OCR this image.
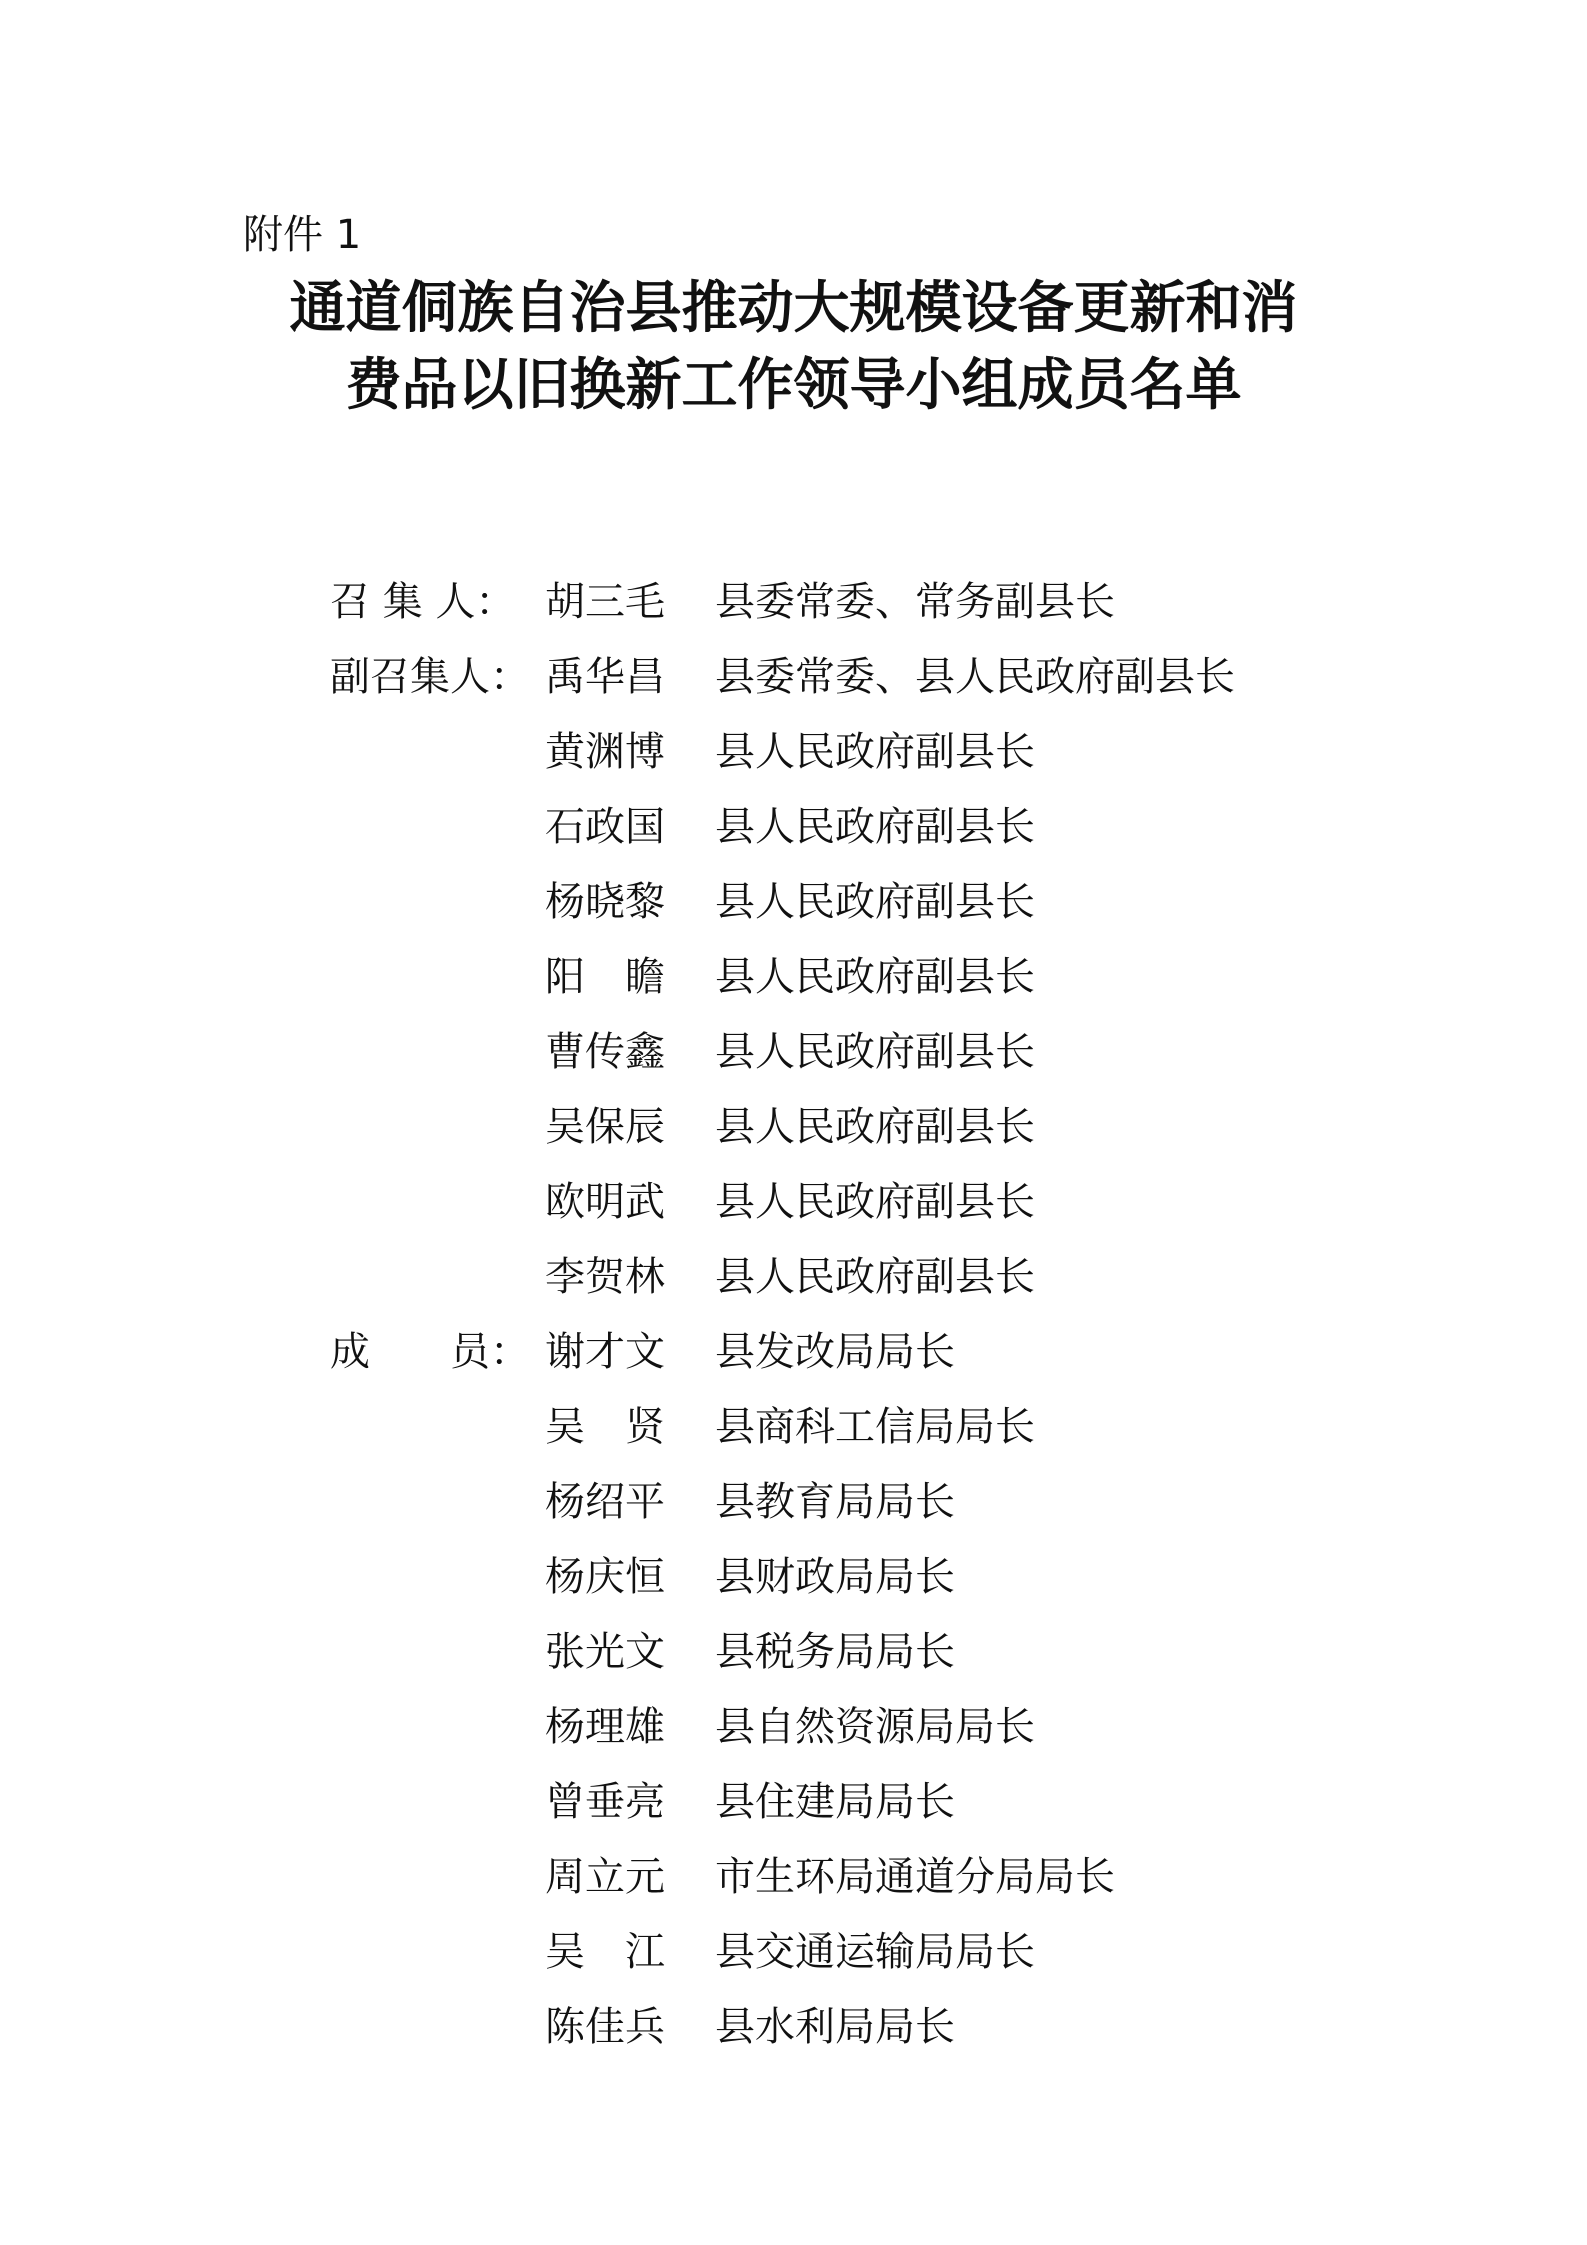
附件 1
通道侗族自治县推动大规模设备更新和消
费品以旧换新工作领导小组成员名单
召 集 人： 胡三毛 县委常委、常务副县长
副召集人： 禹华昌 县委常委、县人民政府副县长
黄渊博 县人民政府副县长
石政国 县人民政府副县长
杨晓黎 县人民政府副县长
阳　瞻 县人民政府副县长
曹传鑫 县人民政府副县长
吴保辰 县人民政府副县长
欧明武 县人民政府副县长
李贺林 县人民政府副县长
成　　员： 谢才文 县发改局局长
吴　贤 县商科工信局局长
杨绍平 县教育局局长
杨庆恒 县财政局局长
张光文 县税务局局长
杨理雄 县自然资源局局长
曾垂亮 县住建局局长
周立元 市生环局通道分局局长
吴　江 县交通运输局局长
陈佳兵 县水利局局长
